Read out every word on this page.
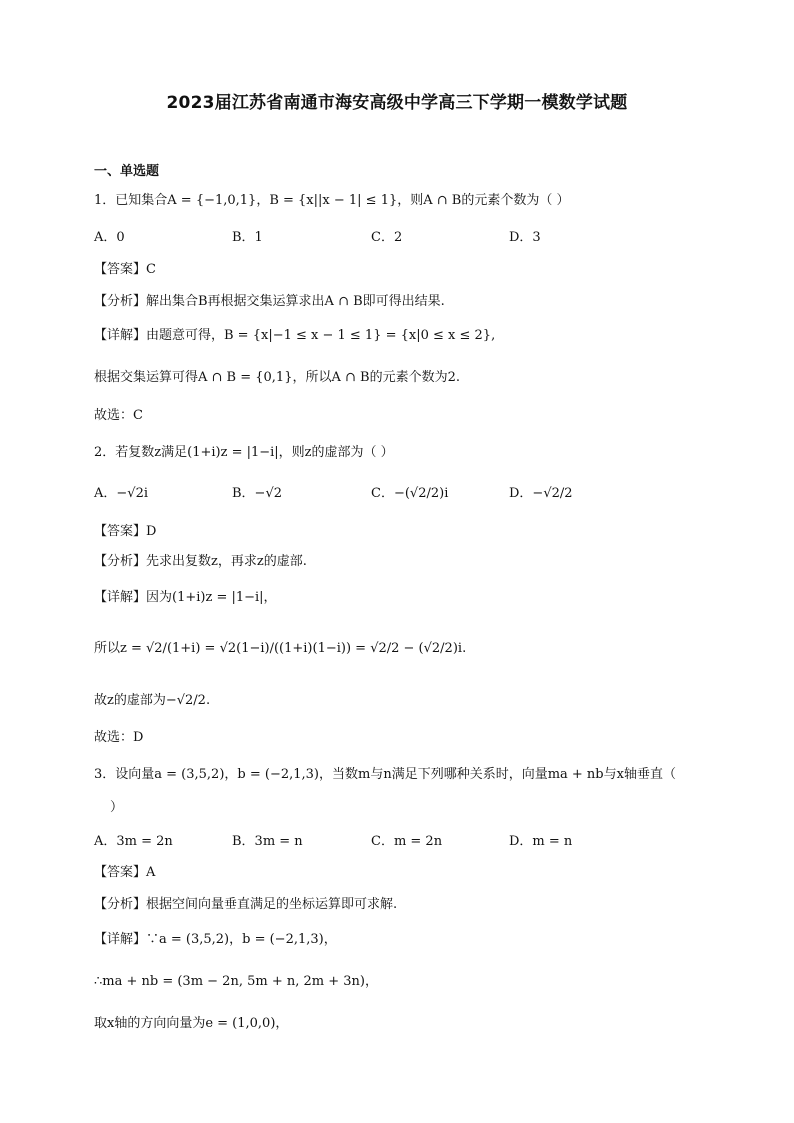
2023届江苏省南通市海安高级中学高三下学期一模数学试题
一、单选题
1．已知集合A = {−1,0,1}，B = {x||x − 1| ≤ 1}，则A ∩ B的元素个数为（ ）
A．0	B．1	C．2	D．3
【答案】C
【分析】解出集合B再根据交集运算求出A ∩ B即可得出结果.
【详解】由题意可得，B = {x|−1 ≤ x − 1 ≤ 1} = {x|0 ≤ x ≤ 2},
根据交集运算可得A ∩ B = {0,1}，所以A ∩ B的元素个数为2.
故选：C
2．若复数z满足(1+i)z = |1−i|，则z的虚部为（ ）
A．−√2i	B．−√2	C．−(√2/2)i	D．−√2/2
【答案】D
【分析】先求出复数z，再求z的虚部.
【详解】因为(1+i)z = |1−i|，
所以z = √2/(1+i) = √2(1−i)/((1+i)(1−i)) = √2/2 − (√2/2)i.
故z的虚部为−√2/2.
故选：D
3．设向量a = (3,5,2)，b = (−2,1,3)，当数m与n满足下列哪种关系时，向量ma + nb与x轴垂直（
）
A．3m = 2n	B．3m = n	C．m = 2n	D．m = n
【答案】A
【分析】根据空间向量垂直满足的坐标运算即可求解.
【详解】∵a = (3,5,2)，b = (−2,1,3)，
∴ma + nb = (3m − 2n, 5m + n, 2m + 3n)，
取x轴的方向向量为e = (1,0,0)，
